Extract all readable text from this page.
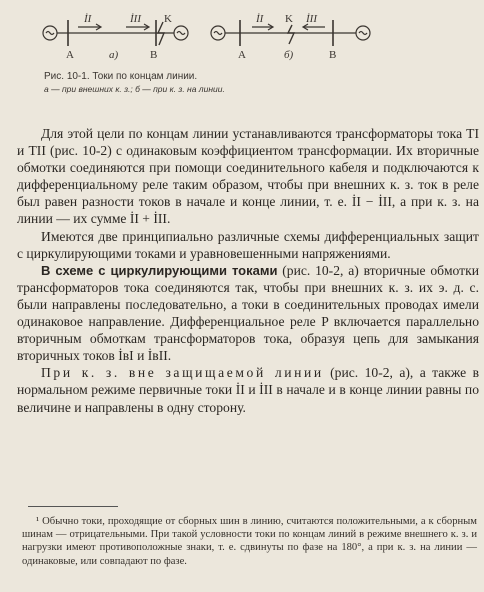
İI	İII K
A	B
а)
İI	İII
K
A	B
б)
Рис. 10-1. Токи по концам линии.
а — при внешних к. з.; б — при к. з. на линии.

Для этой цели по концам линии устанавливаются трансформаторы тока TI и TII (рис. 10-2) с одинаковым коэффициентом трансформации. Их вторичные обмотки соединяются при помощи соединительного кабеля и подключаются к дифференциальному реле таким образом, чтобы при внешних к. з. ток в реле был равен разности токов в начале и конце линии, т. е. İI − İII, а при к. з. на линии — их сумме İI + İII.

Имеются две принципиально различные схемы дифференциальных защит с циркулирующими токами и уравновешенными напряжениями.

В схеме с циркулирующими токами (рис. 10-2, а) вторичные обмотки трансформаторов тока соединяются так, чтобы при внешних к. з. их э. д. с. были направлены последовательно, а токи в соединительных проводах имели одинаковое направление. Дифференциальное реле P включается параллельно вторичным обмоткам трансформаторов тока, образуя цепь для замыкания вторичных токов İвI и İвII.

При к. з. вне защищаемой линии (рис. 10-2, а), а также в нормальном режиме первичные токи İI и İII в начале и в конце линии равны по величине и направлены в одну сторону.

¹ Обычно токи, проходящие от сборных шин в линию, считаются положительными, а к сборным шинам — отрицательными. При такой условности токи по концам линий в режиме внешнего к. з. и нагрузки имеют противоположные знаки, т. е. сдвинуты по фазе на 180°, а при к. з. на линии — одинаковые, или совпадают по фазе.
